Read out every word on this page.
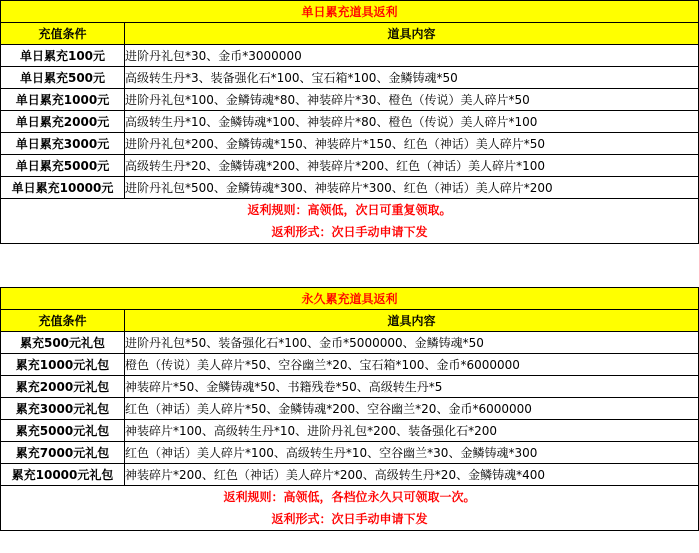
单日累充道具返利	
充值条件	道具内容
单日累充100元	进阶丹礼包*30、金币*3000000
单日累充500元	高级转生丹*3、装备强化石*100、宝石箱*100、金鳞铸魂*50
单日累充1000元	进阶丹礼包*100、金鳞铸魂*80、神装碎片*30、橙色（传说）美人碎片*50
单日累充2000元	高级转生丹*10、金鳞铸魂*100、神装碎片*80、橙色（传说）美人碎片*100
单日累充3000元	进阶丹礼包*200、金鳞铸魂*150、神装碎片*150、红色（神话）美人碎片*50
单日累充5000元	高级转生丹*20、金鳞铸魂*200、神装碎片*200、红色（神话）美人碎片*100
单日累充10000元	进阶丹礼包*500、金鳞铸魂*300、神装碎片*300、红色（神话）美人碎片*200

返利规则：高领低，次日可重复领取。
返利形式：次日手动申请下发	
永久累充道具返利	
充值条件	道具内容
累充500元礼包	进阶丹礼包*50、装备强化石*100、金币*5000000、金鳞铸魂*50
累充1000元礼包	橙色（传说）美人碎片*50、空谷幽兰*20、宝石箱*100、金币*6000000
累充2000元礼包	神装碎片*50、金鳞铸魂*50、书籍残卷*50、高级转生丹*5
累充3000元礼包	红色（神话）美人碎片*50、金鳞铸魂*200、空谷幽兰*20、金币*6000000
累充5000元礼包	神装碎片*100、高级转生丹*10、进阶丹礼包*200、装备强化石*200
累充7000元礼包	红色（神话）美人碎片*100、高级转生丹*10、空谷幽兰*30、金鳞铸魂*300
累充10000元礼包	神装碎片*200、红色（神话）美人碎片*200、高级转生丹*20、金鳞铸魂*400

返利规则：高领低，各档位永久只可领取一次。
返利形式：次日手动申请下发	
